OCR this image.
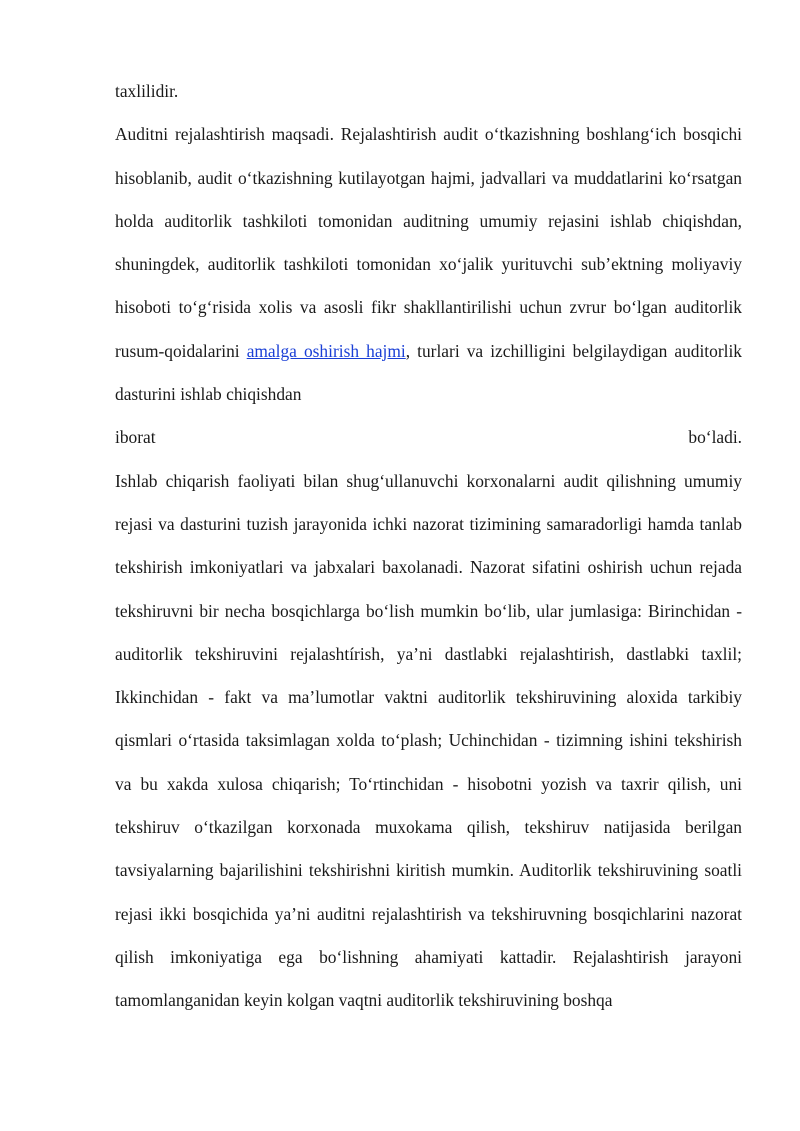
taxlilidir.

Auditni rejalashtirish maqsadi. Rejalashtirish audit o‘tkazishning boshlang‘ich bosqichi hisoblanib, audit o‘tkazishning kutilayotgan hajmi, jadvallari va muddatlarini ko‘rsatgan holda auditorlik tashkiloti tomonidan auditning umumiy rejasini ishlab chiqishdan, shuningdek, auditorlik tashkiloti tomonidan xo‘jalik yurituvchi sub’ektning moliyaviy hisoboti to‘g‘risida xolis va asosli fikr shakllantirilishi uchun zvrur bo‘lgan auditorlik rusum-qoidalarini amalga oshirish hajmi, turlari va izchilligini belgilaydigan auditorlik dasturini ishlab chiqishdan

iborat	bo‘ladi.

Ishlab chiqarish faoliyati bilan shug‘ullanuvchi korxonalarni audit qilishning umumiy rejasi va dasturini tuzish jarayonida ichki nazorat tizimining samaradorligi hamda tanlab tekshirish imkoniyatlari va jabxalari baxolanadi. Nazorat sifatini oshirish uchun rejada tekshiruvni bir necha bosqichlarga bo‘lish mumkin bo‘lib, ular jumlasiga: Birinchidan - auditorlik tekshiruvini rejalashtírish, ya’ni dastlabki rejalashtirish, dastlabki taxlil; Ikkinchidan - fakt va ma’lumotlar vaktni auditorlik tekshiruvining aloxida tarkibiy qismlari o‘rtasida taksimlagan xolda to‘plash; Uchinchidan - tizimning ishini tekshirish va bu xakda xulosa chiqarish; To‘rtinchidan - hisobotni yozish va taxrir qilish, uni tekshiruv o‘tkazilgan korxonada muxokama qilish, tekshiruv natijasida berilgan tavsiyalarning bajarilishini tekshirishni kiritish mumkin. Auditorlik tekshiruvining soatli rejasi ikki bosqichida ya’ni auditni rejalashtirish va tekshiruvning bosqichlarini nazorat qilish imkoniyatiga ega bo‘lishning ahamiyati kattadir. Rejalashtirish jarayoni tamomlanganidan keyin kolgan vaqtni auditorlik tekshiruvining boshqa
